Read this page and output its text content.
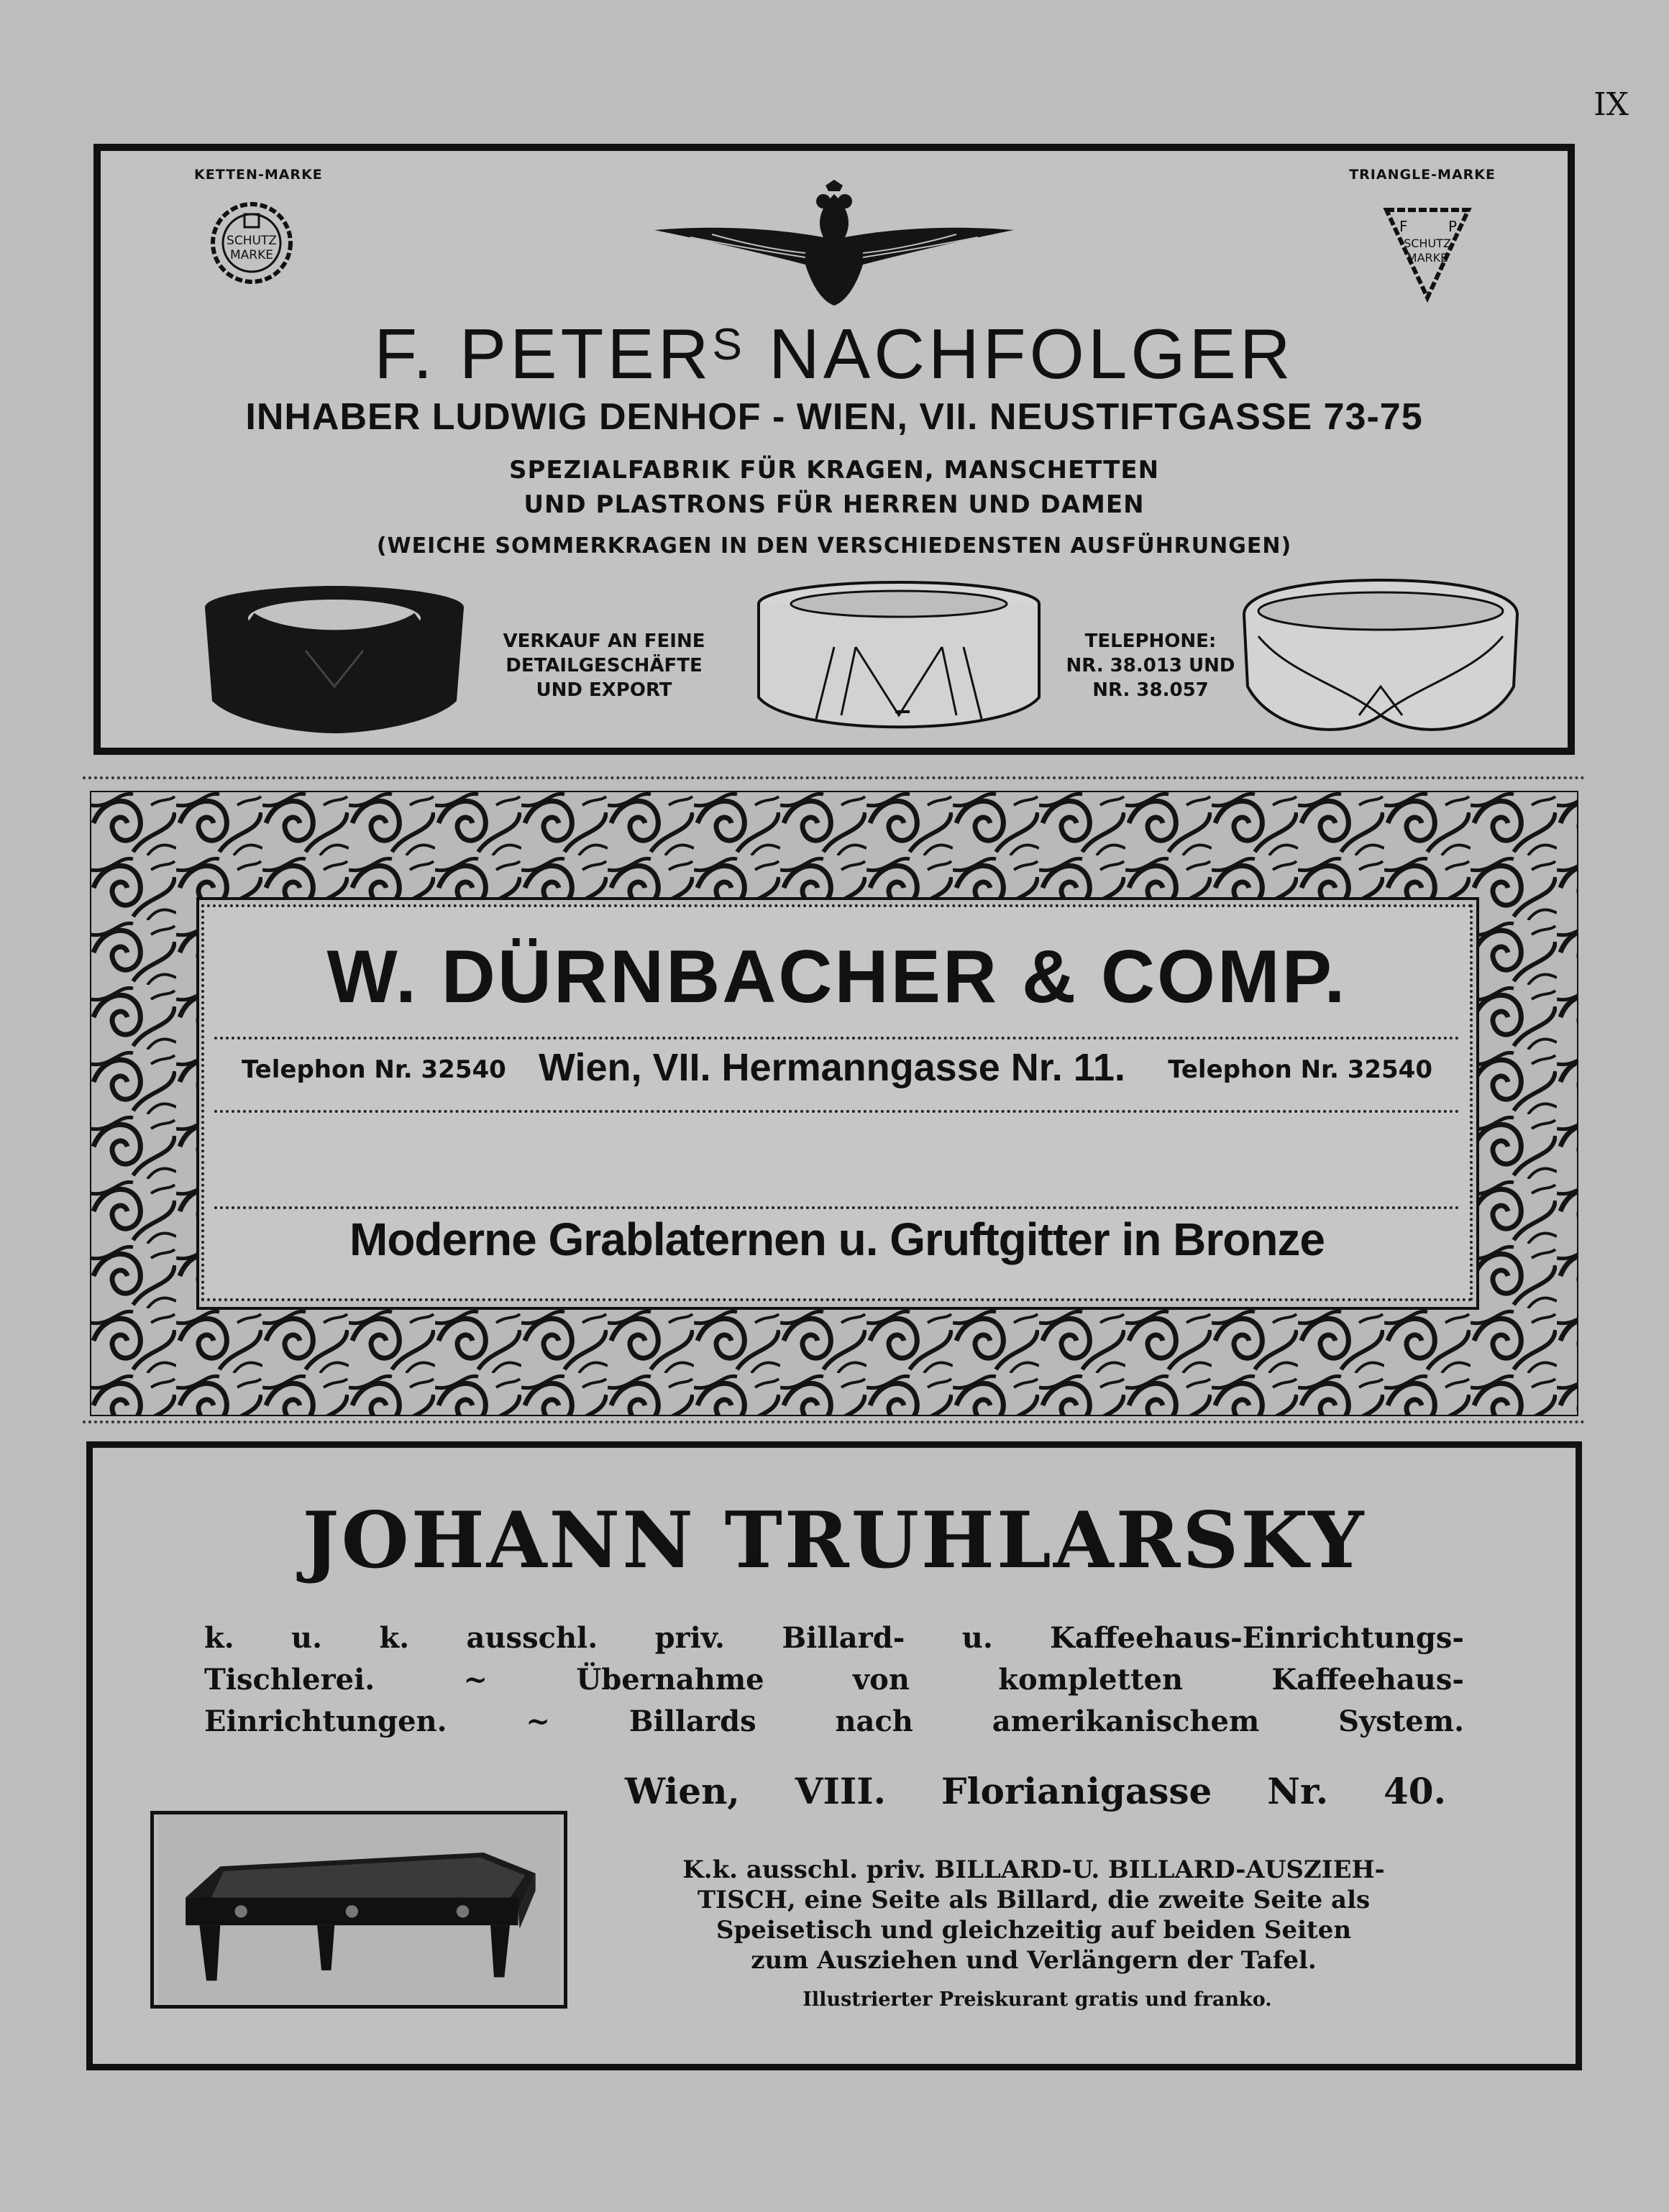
IX
KETTEN-MARKE
SCHUTZ
MARKE
TRIANGLE-MARKE
F	P
SCHUTZ
MARKE
F. $PETER^S$ NACHFOLGER
INHABER LUDWIG DENHOF - WIEN, VII. NEUSTIFTGASSE 73-75
SPEZIALFABRIK FÜR KRAGEN, MANSCHETTEN
UND PLASTRONS FÜR HERREN UND DAMEN
(WEICHE SOMMERKRAGEN IN DEN VERSCHIEDENSTEN AUSFÜHRUNGEN)
VERKAUF AN FEINE
DETAILGESCHÄFTE
UND EXPORT
TELEPHONE:
NR. 38.013 UND
NR. 38.057
W. DÜRNBACHER & COMP.
Telephon Nr. 32540 Wien, VII. Hermanngasse Nr. 11. Telephon Nr. 32540
Moderne Grablaternen u. Gruftgitter in Bronze
JOHANN TRUHLARSKY
k. u. k. ausschl. priv. Billard- u. Kaffeehaus-Einrichtungs-
Tischlerei. ~ Übernahme von kompletten Kaffeehaus-
Einrichtungen. ~ Billards nach amerikanischem System.
Wien, VIII. Florianigasse Nr. 40.
K.k. ausschl. priv. BILLARD-U. BILLARD-AUSZIEH-
TISCH, eine Seite als Billard, die zweite Seite als
Speisetisch und gleichzeitig auf beiden Seiten
zum Ausziehen und Verlängern der Tafel.
Illustrierter Preiskurant gratis und franko.
